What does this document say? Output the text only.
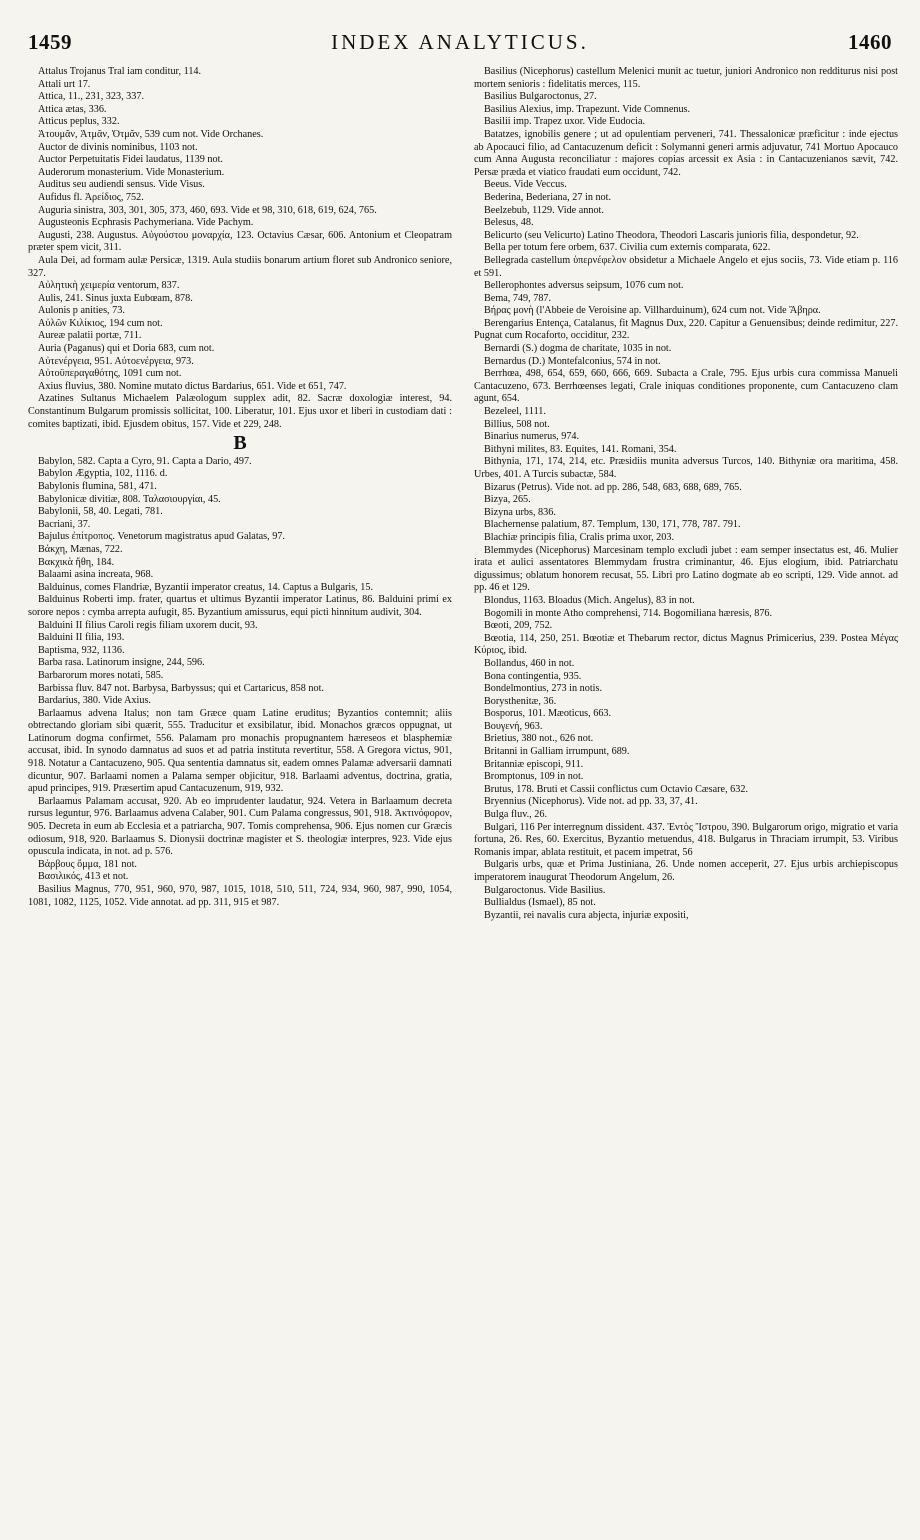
1459	INDEX ANALYTICUS.	1460

Attalus Trojanus Tral iam conditur, 114.

Attali urt 17.

Attica, 11., 231, 323, 337.

Attica ætas, 336.

Atticus peplus, 332.

Ἀτουμᾶν, Ἀτμᾶν, Ὀτμᾶν, 539 cum not. Vide Orchanes.

Auctor de divinis nominibus, 1103 not.

Auctor Perpetuitatis Fidei laudatus, 1139 not.

Auderorum monasterium. Vide Monasterium.

Auditus seu audiendi sensus. Vide Visus.

Aufidus fl. Ἀρείδιος, 752.

Auguria sinistra, 303, 301, 305, 373, 460, 693. Vide et 98, 310, 618, 619, 624, 765.

Augusteonis Ecphrasis Pachymeriana. Vide Pachym.

Augusti, 238. Augustus. Αὐγούστου μοναρχία, 123. Octavius Cæsar, 606. Antonium et Cleopatram præter spem vicit, 311.

Aula Dei, ad formam aulæ Persicæ, 1319. Aula studiis bonarum artium floret sub Andronico seniore, 327.

Αὐλητικὴ χειμερία ventorum, 837.

Aulis, 241. Sinus juxta Eubœam, 878.

Aulonis p anities, 73.

Αὐλῶν Κιλίκιος, 194 cum not.

Aureæ palatii portæ, 711.

Auria (Paganus) qui et Doria 683, cum not.

Αὐτενέργεια, 951. Αὐτοενέργεια, 973.

Αὐτοϋπεραγαθότης, 1091 cum not.

Axius fluvius, 380. Nomine mutato dictus Bardarius, 651. Vide et 651, 747.

Azatines Sultanus Michaelem Palæologum supplex adit, 82. Sacræ doxologiæ interest, 94. Constantinum Bulgarum promissis sollicitat, 100. Liberatur, 101. Ejus uxor et liberi in custodiam dati : comites baptizati, ibid. Ejusdem obitus, 157. Vide et 229, 248.

B

Babylon, 582. Capta a Cyro, 91. Capta a Dario, 497.

Babylon Ægyptia, 102, 1116. d.

Babylonis flumina, 581, 471.

Babylonicæ divitiæ, 808. Ταλασιουργίαι, 45.

Babylonii, 58, 40. Legati, 781.

Bacriani, 37.

Bajulus ἐπίτροπος. Venetorum magistratus apud Galatas, 97.

Βάκχη, Mænas, 722.

Βακχικὰ ἤθη, 184.

Balaami asina increata, 968.

Balduinus, comes Flandriæ, Byzantii imperator creatus, 14. Captus a Bulgaris, 15.

Balduinus Roberti imp. frater, quartus et ultimus Byzantii imperator Latinus, 86. Balduini primi ex sorore nepos : cymba arrepta aufugit, 85. Byzantium amissurus, equi picti hinnitum audivit, 304.

Balduini II filius Caroli regis filiam uxorem ducit, 93.

Balduini II filia, 193.

Baptisma, 932, 1136.

Barba rasa. Latinorum insigne, 244, 596.

Barbarorum mores notati, 585.

Barbissa fluv. 847 not. Barbysa, Barbyssus; qui et Cartaricus, 858 not.

Bardarius, 380. Vide Axius.

Barlaamus advena Italus; non tam Græce quam Latine eruditus; Byzantios contemnit; aliis obtrectando gloriam sibi quærit, 555. Traducitur et exsibilatur, ibid. Monachos græcos oppugnat, ut Latinorum dogma confirmet, 556. Palamam pro monachis propugnantem hæreseos et blasphemiæ accusat, ibid. In synodo damnatus ad suos et ad patria instituta revertitur, 558. A Gregora victus, 901, 918. Notatur a Cantacuzeno, 905. Qua sententia damnatus sit, eadem omnes Palamæ adversarii damnati dicuntur, 907. Barlaami nomen a Palama semper objicitur, 918. Barlaami adventus, doctrina, gratia, apud principes, 919. Præsertim apud Cantacuzenum, 919, 932.

Barlaamus Palamam accusat, 920. Ab eo imprudenter laudatur, 924. Vetera in Barlaamum decreta rursus leguntur, 976. Barlaamus advena Calaber, 901. Cum Palama congressus, 901, 918. Ἀκτινόφορον, 905. Decreta in eum ab Ecclesia et a patriarcha, 907. Tomis comprehensa, 906. Ejus nomen cur Græcis odiosum, 918, 920. Barlaamus S. Dionysii doctrinæ magister et S. theologiæ interpres, 923. Vide ejus opuscula indicata, in not. ad p. 576.

Βάρβους ὄμμα, 181 not.

Βασιλικός, 413 et not.

Basilius Magnus, 770, 951, 960, 970, 987, 1015, 1018, 510, 511, 724, 934, 960, 987, 990, 1054, 1081, 1082, 1125, 1052. Vide annotat. ad pp. 311, 915 et 987.

Basilius (Nicephorus) castellum Melenici munit ac tuetur, juniori Andronico non redditurus nisi post mortem senioris : fidelitatis merces, 115.

Basilius Bulgaroctonus, 27.

Basilius Alexius, imp. Trapezunt. Vide Comnenus.

Basilii imp. Trapez uxor. Vide Eudocia.

Batatzes, ignobilis genere ; ut ad opulentiam perveneri, 741. Thessalonicæ præficitur : inde ejectus ab Apocauci filio, ad Cantacuzenum deficit : Solymanni generi armis adjuvatur, 741 Mortuo Apocauco cum Anna Augusta reconciliatur : majores copias arcessit ex Asia : in Cantacuzenianos sævit, 742. Persæ præda et viatico fraudati eum occidunt, 742.

Beeus. Vide Veccus.

Bederina, Bederiana, 27 in not.

Beelzebub, 1129. Vide annot.

Belesus, 48.

Belicurto (seu Velicurto) Latino Theodora, Theodori Lascaris junioris filia, despondetur, 92.

Bella per totum fere orbem, 637. Civilia cum externis comparata, 622.

Bellegrada castellum ὑπερνέφελον obsidetur a Michaele Angelo et ejus sociis, 73. Vide etiam p. 116 et 591.

Bellerophontes adversus seipsum, 1076 cum not.

Bema, 749, 787.

Βήρας μονὴ (l'Abbeie de Veroisine ap. Villharduinum), 624 cum not. Vide Ἄβηρα.

Berengarius Entença, Catalanus, fit Magnus Dux, 220. Capitur a Genuensibus; deinde redimitur, 227. Pugnat cum Rocaforto, occiditur, 232.

Bernardi (S.) dogma de charitate, 1035 in not.

Bernardus (D.) Montefalconius, 574 in not.

Berrhœa, 498, 654, 659, 660, 666, 669. Subacta a Crale, 795. Ejus urbis cura commissa Manueli Cantacuzeno, 673. Berrhœenses legati, Crale iniquas conditiones proponente, cum Cantacuzeno clam agunt, 654.

Bezeleel, 1111.

Billius, 508 not.

Binarius numerus, 974.

Bithyni milites, 83. Equites, 141. Romani, 354.

Bithynia, 171, 174, 214, etc. Præsidiis munita adversus Turcos, 140. Bithyniæ ora maritima, 458. Urbes, 401. A Turcis subactæ, 584.

Bizarus (Petrus). Vide not. ad pp. 286, 548, 683, 688, 689, 765.

Bizya, 265.

Bizyna urbs, 836.

Blachernense palatium, 87. Templum, 130, 171, 778, 787. 791.

Blachiæ principis filia, Cralis prima uxor, 203.

Blemmydes (Nicephorus) Marcesinam templo excludi jubet : eam semper insectatus est, 46. Mulier irata et aulici assentatores Blemmydam frustra criminantur, 46. Ejus elogium, ibid. Patriarchatu digussimus; oblatum honorem recusat, 55. Libri pro Latino dogmate ab eo scripti, 129. Vide annot. ad pp. 46 et 129.

Blondus, 1163. Bloadus (Mich. Angelus), 83 in not.

Bogomili in monte Atho comprehensi, 714. Bogomiliana hæresis, 876.

Bœoti, 209, 752.

Bœotia, 114, 250, 251. Bœotiæ et Thebarum rector, dictus Magnus Primicerius, 239. Postea Μέγας Κύριος, ibid.

Bollandus, 460 in not.

Bona contingentia, 935.

Bondelmontius, 273 in notis.

Borysthenitæ, 36.

Bosporus, 101. Mæoticus, 663.

Βουγενή, 963.

Brietius, 380 not., 626 not.

Britanni in Galliam irrumpunt, 689.

Britanniæ episcopi, 911.

Bromptonus, 109 in not.

Brutus, 178. Bruti et Cassii conflictus cum Octavio Cæsare, 632.

Bryennius (Nicephorus). Vide not. ad pp. 33, 37, 41.

Bulga fluv., 26.

Bulgari, 116 Per interregnum dissident. 437. Ἐντὸς Ἴστρου, 390. Bulgarorum origo, migratio et varia fortuna, 26. Res, 60. Exercitus, Byzantio metuendus, 418. Bulgarus in Thraciam irrumpit, 53. Viribus Romanis impar, ablata restituit, et pacem impetrat, 56

Bulgaris urbs, quæ et Prima Justiniana, 26. Unde nomen acceperit, 27. Ejus urbis archiepiscopus imperatorem inaugurat Theodorum Angelum, 26.

Bulgaroctonus. Vide Basilius.

Bullialdus (Ismael), 85 not.

Byzantii, rei navalis cura abjecta, injuriæ expositi,
